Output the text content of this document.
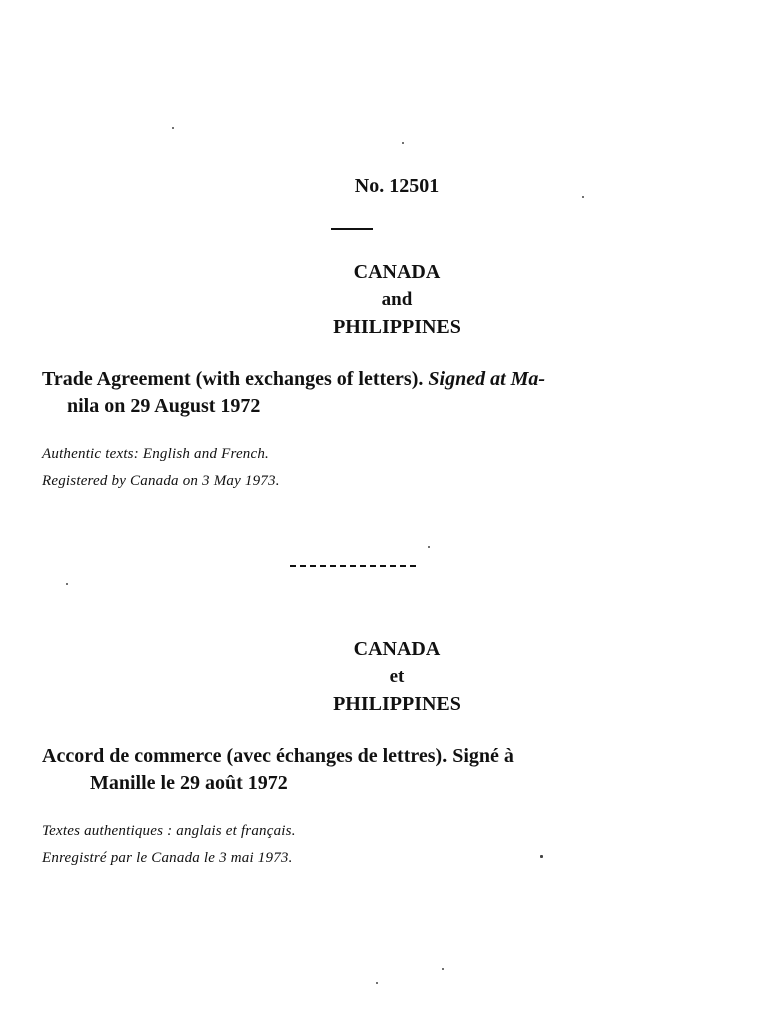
No. 12501

CANADA

and

PHILIPPINES

Trade Agreement (with exchanges of letters). Signed at Ma-
nila on 29 August 1972

Authentic texts: English and French.

Registered by Canada on 3 May 1973.

CANADA

et

PHILIPPINES

Accord de commerce (avec échanges de lettres). Signé à
Manille le 29 août 1972

Textes authentiques : anglais et français.

Enregistré par le Canada le 3 mai 1973.
